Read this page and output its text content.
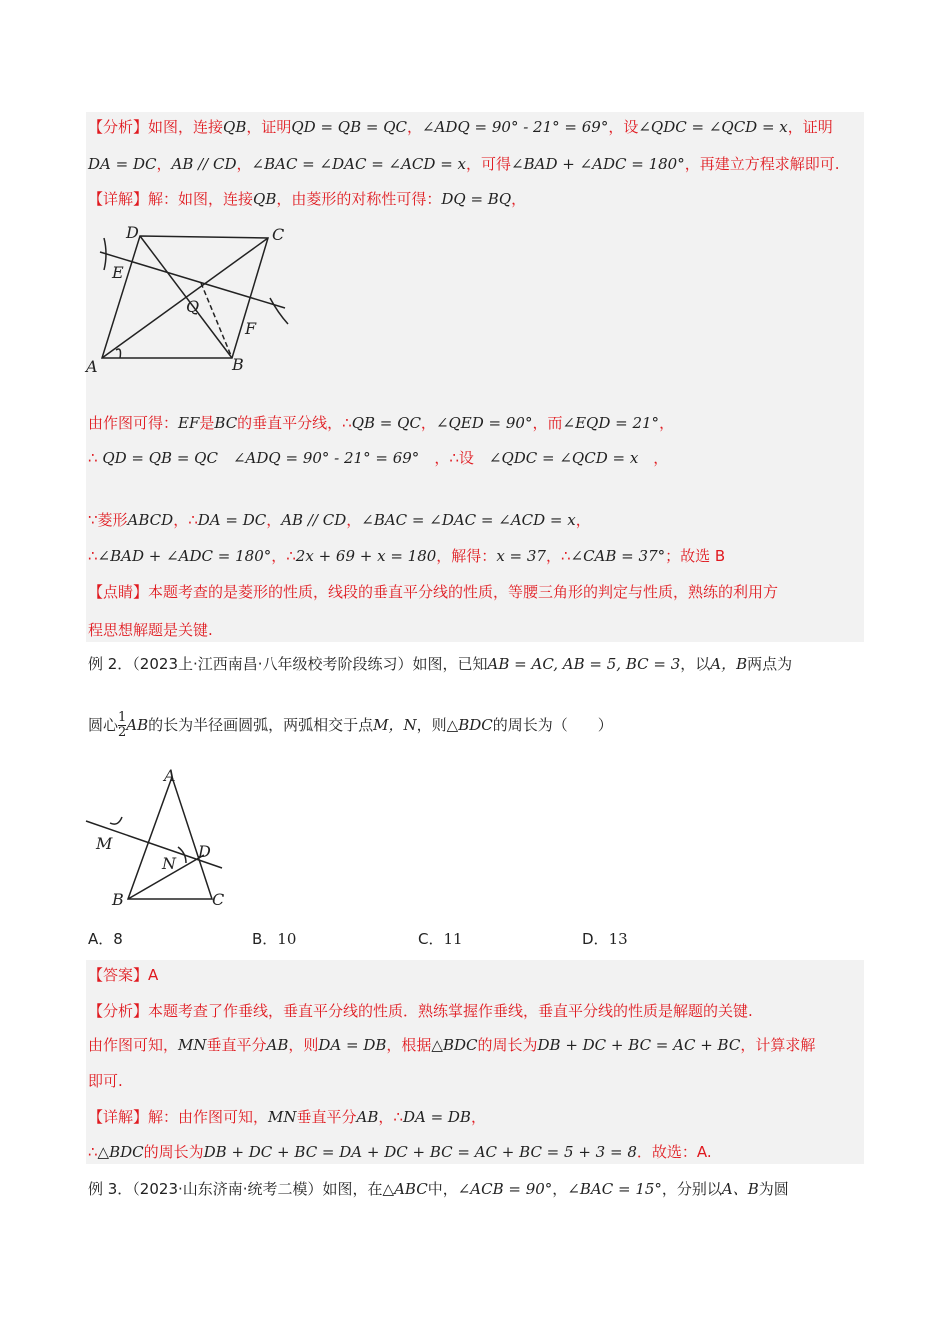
【分析】如图，连接QB，证明QD = QB = QC，∠ADQ = 90° - 21° = 69°，设∠QDC = ∠QCD = x，证明
DA = DC，AB // CD，∠BAC = ∠DAC = ∠ACD = x，可得∠BAD + ∠ADC = 180°，再建立方程求解即可.
【详解】解：如图，连接QB，由菱形的对称性可得：DQ = BQ，
D	C
E
Q
F
A	B
由作图可得：EF是BC的垂直平分线，∴QB = QC，∠QED = 90°，而∠EQD = 21°，
∴ QD = QB = QC　 ∠ADQ = 90° - 21° = 69°　 ，∴设　 ∠QDC = ∠QCD = x　，
∵菱形ABCD，∴DA = DC，AB // CD，∠BAC = ∠DAC = ∠ACD = x，
∴∠BAD + ∠ADC = 180°，∴2x + 69 + x = 180，解得：x = 37，∴∠CAB = 37°；故选 B
【点睛】本题考查的是菱形的性质，线段的垂直平分线的性质，等腰三角形的判定与性质，熟练的利用方
程思想解题是关键.
例 2．（2023上·江西南昌·八年级校考阶段练习）如图，已知AB = AC, AB = 5, BC = 3，以A，B两点为
圆心 $\frac{1}{2}$ AB的长为半径画圆弧，两弧相交于点M，N，则△BDC的周长为（　　）
A
M
N
D
B	C
A．8	B．10	C．11	D．13
【答案】A
【分析】本题考查了作垂线，垂直平分线的性质．熟练掌握作垂线，垂直平分线的性质是解题的关键.
由作图可知，MN垂直平分AB，则DA = DB，根据△BDC的周长为DB + DC + BC = AC + BC，计算求解
即可.
【详解】解：由作图可知，MN垂直平分AB，∴DA = DB，
∴△BDC的周长为DB + DC + BC = DA + DC + BC = AC + BC = 5 + 3 = 8．故选：A.
例 3．（2023·山东济南·统考二模）如图，在△ABC中，∠ACB = 90°，∠BAC = 15°，分别以A、B为圆
